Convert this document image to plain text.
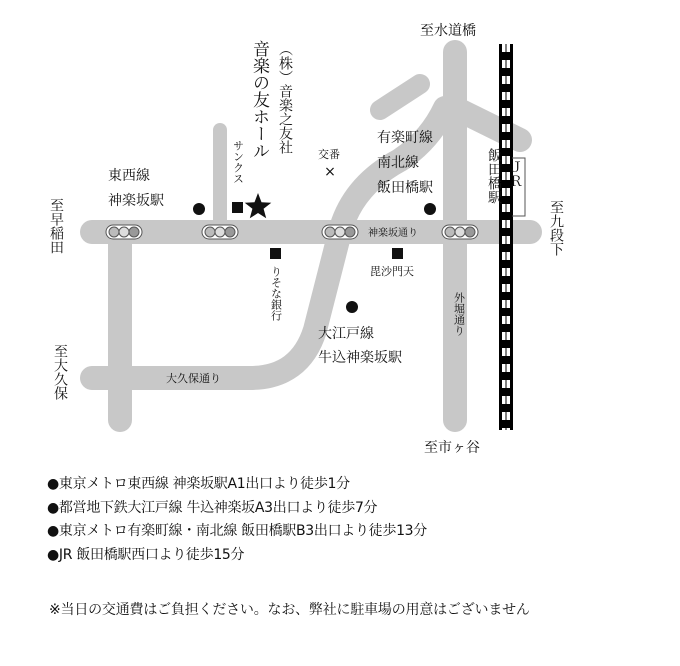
×
至水道橋
至早稲田	至九段下
至大久保
至市ヶ谷
（株）音楽之友社
音楽の友ホール
サンクス
東西線
神楽坂駅
有楽町線
南北線
飯田橋駅
交番
ＪＲ
飯田橋駅
神楽坂通り
毘沙門天
りそな銀行	外堀通り
大江戸線
牛込神楽坂駅
大久保通り
●東京メトロ東西線 神楽坂駅A1出口より徒歩1分
●都営地下鉄大江戸線 牛込神楽坂A3出口より徒歩7分
●東京メトロ有楽町線・南北線 飯田橋駅B3出口より徒歩13分
●JR 飯田橋駅西口より徒歩15分
※当日の交通費はご負担ください。なお、弊社に駐車場の用意はございません
